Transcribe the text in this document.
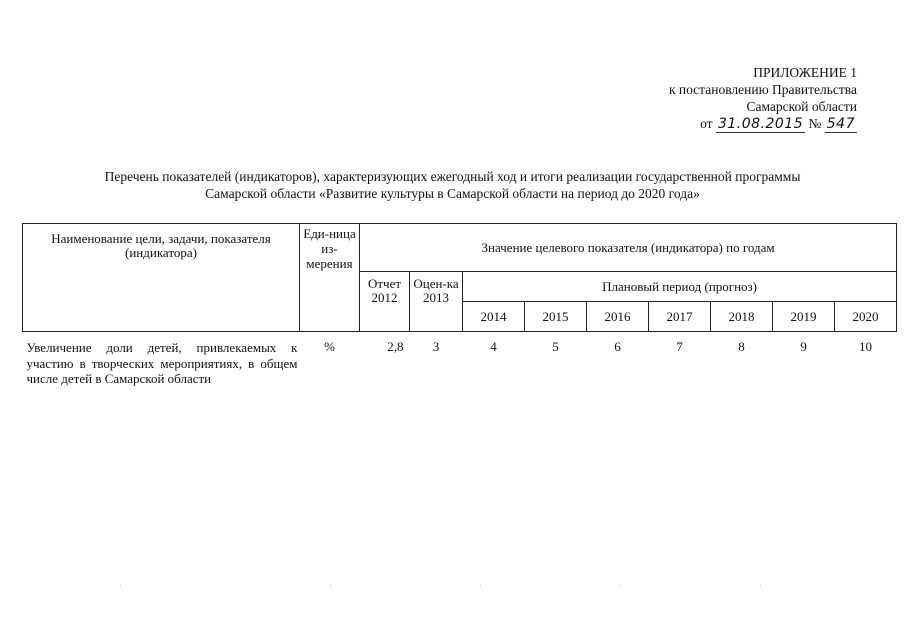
ПРИЛОЖЕНИЕ 1
к постановлению Правительства
Самарской области
от 31.08.2015 № 547
Перечень показателей (индикаторов), характеризующих ежегодный ход и итоги реализации государственной программы
Самарской области «Развитие культуры в Самарской области на период до 2020 года»
Наименование цели, задачи, показателя (индикатора)	Еди-ница из-мерения	Значение целевого показателя (индикатора) по годам								
		Отчет 2012	Оцен-ка 2013	Плановый период (прогноз)						
				2014	2015	2016	2017	2018	2019	2020
Увеличение доли детей, привлекаемых к участию в творческих мероприятиях, в общем числе детей в Самарской области	%	2,8	3	4	5	6	7	8	9	10
